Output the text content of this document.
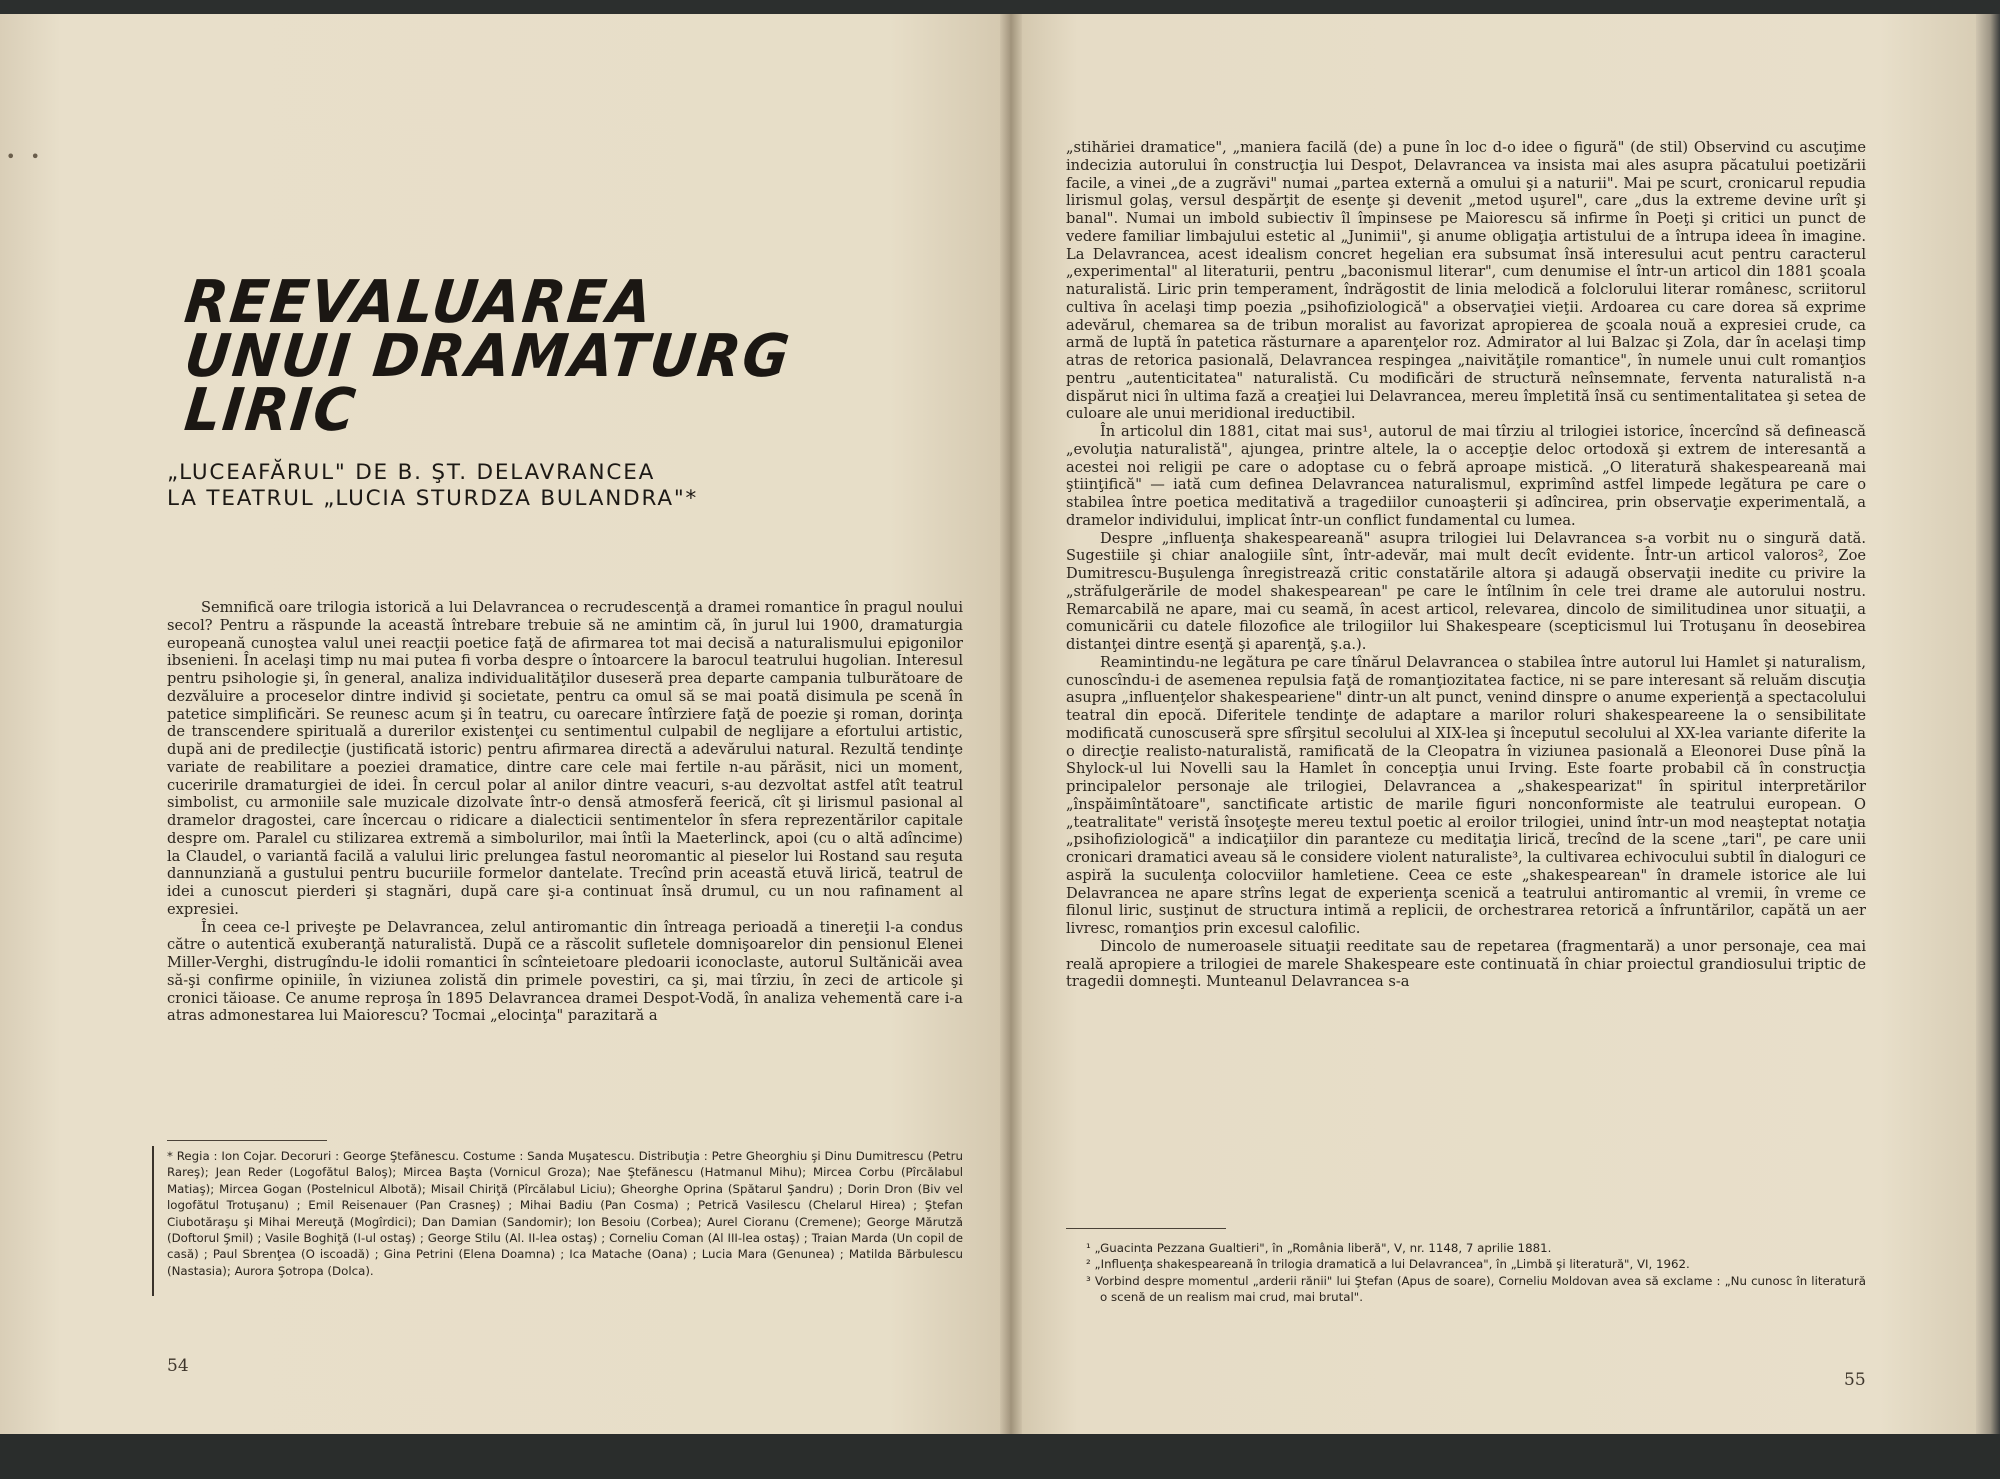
• •
REEVALUAREA
UNUI DRAMATURG
LIRIC
„LUCEAFĂRUL" DE B. ŞT. DELAVRANCEA
LA TEATRUL „LUCIA STURDZA BULANDRA"*

Semnifică oare trilogia istorică a lui Delavrancea o recrudescenţă a dramei romantice în pragul noului secol? Pentru a răspunde la această întrebare trebuie să ne amintim că, în jurul lui 1900, dramaturgia europeană cunoştea valul unei reacţii poetice faţă de afirmarea tot mai decisă a naturalismului epigonilor ibsenieni. În acelaşi timp nu mai putea fi vorba despre o întoarcere la barocul teatrului hugolian. Interesul pentru psihologie şi, în general, analiza individualităţilor duseseră prea departe campania tulburătoare de dezvăluire a proceselor dintre individ şi societate, pentru ca omul să se mai poată disimula pe scenă în patetice simplificări. Se reunesc acum şi în teatru, cu oarecare întîrziere faţă de poezie şi roman, dorinţa de transcendere spirituală a durerilor existenţei cu sentimentul culpabil de neglijare a efortului artistic, după ani de predilecţie (justificată istoric) pentru afirmarea directă a adevărului natural. Rezultă tendinţe variate de reabilitare a poeziei dramatice, dintre care cele mai fertile n-au părăsit, nici un moment, cuceririle dramaturgiei de idei. În cercul polar al anilor dintre veacuri, s-au dezvoltat astfel atît teatrul simbolist, cu armoniile sale muzicale dizolvate într-o densă atmosferă feerică, cît şi lirismul pasional al dramelor dragostei, care încercau o ridicare a dialecticii sentimentelor în sfera reprezentărilor capitale despre om. Paralel cu stilizarea extremă a simbolurilor, mai întîi la Maeterlinck, apoi (cu o altă adîncime) la Claudel, o variantă facilă a valului liric prelungea fastul neoromantic al pieselor lui Rostand sau reşuta dannunziană a gustului pentru bucuriile formelor dantelate. Trecînd prin această etuvă lirică, teatrul de idei a cunoscut pierderi şi stagnări, după care şi-a continuat însă drumul, cu un nou rafinament al expresiei.

În ceea ce-l priveşte pe Delavrancea, zelul antiromantic din întreaga perioadă a tinereţii l-a condus către o autentică exuberanţă naturalistă. După ce a răscolit sufletele domnişoarelor din pensionul Elenei Miller-Verghi, distrugîndu-le idolii romantici în scînteietoare pledoarii iconoclaste, autorul Sultănicăi avea să-şi confirme opiniile, în viziunea zolistă din primele povestiri, ca şi, mai tîrziu, în zeci de articole şi cronici tăioase. Ce anume reproşa în 1895 Delavrancea dramei Despot-Vodă, în analiza vehementă care i-a atras admonestarea lui Maiorescu? Tocmai „elocinţa" parazitară a

* Regia : Ion Cojar. Decoruri : George Ştefănescu. Costume : Sanda Muşatescu. Distribuţia : Petre Gheorghiu şi Dinu Dumitrescu (Petru Rareş); Jean Reder (Logofătul Baloş); Mircea Başta (Vornicul Groza); Nae Ştefănescu (Hatmanul Mihu); Mircea Corbu (Pîrcălabul Matiaş); Mircea Gogan (Postelnicul Albotă); Misail Chiriţă (Pîrcălabul Liciu); Gheorghe Oprina (Spătarul Şandru) ; Dorin Dron (Biv vel logofătul Trotuşanu) ; Emil Reisenauer (Pan Crasneş) ; Mihai Badiu (Pan Cosma) ; Petrică Vasilescu (Chelarul Hirea) ; Ştefan Ciubotăraşu şi Mihai Mereuţă (Mogîrdici); Dan Damian (Sandomir); Ion Besoiu (Corbea); Aurel Cioranu (Cremene); George Mărutză (Doftorul Şmil) ; Vasile Boghiţă (I-ul ostaş) ; George Stilu (Al. II-lea ostaş) ; Corneliu Coman (Al III-lea ostaş) ; Traian Marda (Un copil de casă) ; Paul Sbrenţea (O iscoadă) ; Gina Petrini (Elena Doamna) ; Ica Matache (Oana) ; Lucia Mara (Genunea) ; Matilda Bărbulescu (Nastasia); Aurora Şotropa (Dolca).

54

„stihăriei dramatice", „maniera facilă (de) a pune în loc d-o idee o figură" (de stil) Observind cu ascuţime indecizia autorului în construcţia lui Despot, Delavrancea va insista mai ales asupra păcatului poetizării facile, a vinei „de a zugrăvi" numai „partea externă a omului şi a naturii". Mai pe scurt, cronicarul repudia lirismul golaş, versul despărţit de esenţe şi devenit „metod uşurel", care „dus la extreme devine urît şi banal". Numai un imbold subiectiv îl împinsese pe Maiorescu să infirme în Poeţi şi critici un punct de vedere familiar limbajului estetic al „Junimii", şi anume obligaţia artistului de a întrupa ideea în imagine. La Delavrancea, acest idealism concret hegelian era subsumat însă interesului acut pentru caracterul „experimental" al literaturii, pentru „baconismul literar", cum denumise el într-un articol din 1881 şcoala naturalistă. Liric prin temperament, îndrăgostit de linia melodică a folclorului literar românesc, scriitorul cultiva în acelaşi timp poezia „psihofiziologică" a observaţiei vieţii. Ardoarea cu care dorea să exprime adevărul, chemarea sa de tribun moralist au favorizat apropierea de şcoala nouă a expresiei crude, ca armă de luptă în patetica răsturnare a aparenţelor roz. Admirator al lui Balzac şi Zola, dar în acelaşi timp atras de retorica pasională, Delavrancea respingea „naivităţile romantice", în numele unui cult romanţios pentru „autenticitatea" naturalistă. Cu modificări de structură neînsemnate, ferventa naturalistă n-a dispărut nici în ultima fază a creaţiei lui Delavrancea, mereu împletită însă cu sentimentalitatea şi setea de culoare ale unui meridional ireductibil.

În articolul din 1881, citat mai sus¹, autorul de mai tîrziu al trilogiei istorice, încercînd să definească „evoluţia naturalistă", ajungea, printre altele, la o accepţie deloc ortodoxă şi extrem de interesantă a acestei noi religii pe care o adoptase cu o febră aproape mistică. „O literatură shakespeareană mai ştiinţifică" — iată cum definea Delavrancea naturalismul, exprimînd astfel limpede legătura pe care o stabilea între poetica meditativă a tragediilor cunoaşterii şi adîncirea, prin observaţie experimentală, a dramelor individului, implicat într-un conflict fundamental cu lumea.

Despre „influenţa shakespeareană" asupra trilogiei lui Delavrancea s-a vorbit nu o singură dată. Sugestiile şi chiar analogiile sînt, într-adevăr, mai mult decît evidente. Într-un articol valoros², Zoe Dumitrescu-Buşulenga înregistrează critic constatările altora şi adaugă observaţii inedite cu privire la „străfulgerările de model shakespearean" pe care le întîlnim în cele trei drame ale autorului nostru. Remarcabilă ne apare, mai cu seamă, în acest articol, relevarea, dincolo de similitudinea unor situaţii, a comunicării cu datele filozofice ale trilogiilor lui Shakespeare (scepticismul lui Trotuşanu în deosebirea distanţei dintre esenţă şi aparenţă, ş.a.).

Reamintindu-ne legătura pe care tînărul Delavrancea o stabilea între autorul lui Hamlet şi naturalism, cunoscîndu-i de asemenea repulsia faţă de romanţiozitatea factice, ni se pare interesant să reluăm discuţia asupra „influenţelor shakespeariene" dintr-un alt punct, venind dinspre o anume experienţă a spectacolului teatral din epocă. Diferitele tendinţe de adaptare a marilor roluri shakespeareene la o sensibilitate modificată cunoscuseră spre sfîrşitul secolului al XIX-lea şi începutul secolului al XX-lea variante diferite la o direcţie realisto-naturalistă, ramificată de la Cleopatra în viziunea pasională a Eleonorei Duse pînă la Shylock-ul lui Novelli sau la Hamlet în concepţia unui Irving. Este foarte probabil că în construcţia principalelor personaje ale trilogiei, Delavrancea a „shakespearizat" în spiritul interpretărilor „înspăimîntătoare", sanctificate artistic de marile figuri nonconformiste ale teatrului european. O „teatralitate" veristă însoţeşte mereu textul poetic al eroilor trilogiei, unind într-un mod neaşteptat notaţia „psihofiziologică" a indicaţiilor din paranteze cu meditaţia lirică, trecînd de la scene „tari", pe care unii cronicari dramatici aveau să le considere violent naturaliste³, la cultivarea echivocului subtil în dialoguri ce aspiră la suculenţa colocviilor hamletiene. Ceea ce este „shakespearean" în dramele istorice ale lui Delavrancea ne apare strîns legat de experienţa scenică a teatrului antiromantic al vremii, în vreme ce filonul liric, susţinut de structura intimă a replicii, de orchestrarea retorică a înfruntărilor, capătă un aer livresc, romanţios prin excesul calofilic.

Dincolo de numeroasele situaţii reeditate sau de repetarea (fragmentară) a unor personaje, cea mai reală apropiere a trilogiei de marele Shakespeare este continuată în chiar proiectul grandiosului triptic de tragedii domneşti. Munteanul Delavrancea s-a

¹ „Guacinta Pezzana Gualtieri", în „România liberă", V, nr. 1148, 7 aprilie 1881.

² „Influenţa shakespeareană în trilogia dramatică a lui Delavrancea", în „Limbă şi literatură", VI, 1962.

³ Vorbind despre momentul „arderii rănii" lui Ştefan (Apus de soare), Corneliu Moldovan avea să exclame : „Nu cunosc în literatură o scenă de un realism mai crud, mai brutal".

55
